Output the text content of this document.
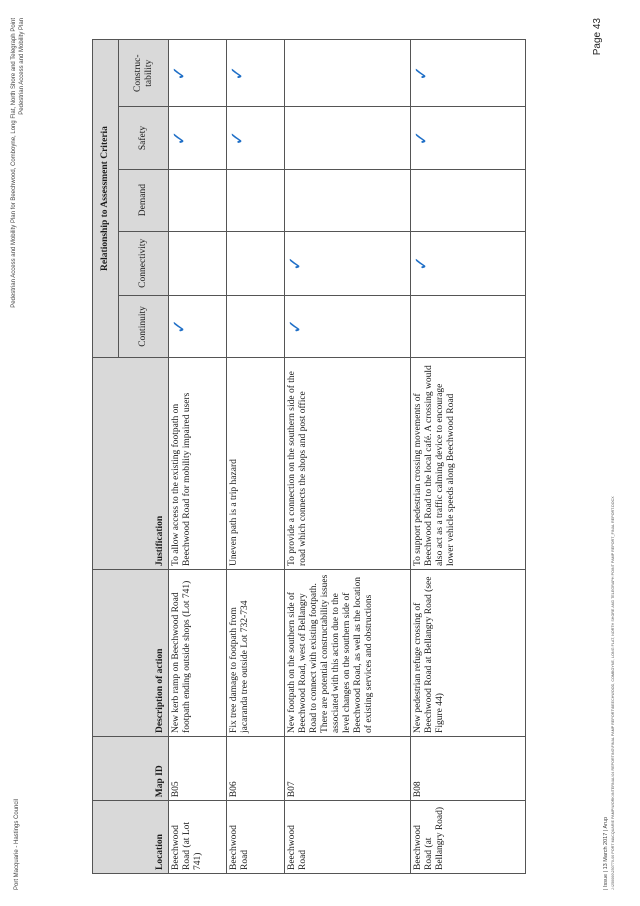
Port Macquarie - Hastings Council
Pedestrian Access and Mobility Plan for Beechwood, Comboyne, Long Flat, North Shore and Telegraph Point Pedestrian Access and Mobility Plan
Location	Map ID	Description of action	Justification	Relationship to Assessment Criteria				
				Continuity	Connectivity	Demand	Safety	Construc-tability
Beechwood Road (at Lot 741)	B05	New kerb ramp on Beechwood Road footpath ending outside shops (Lot 741)	To allow access to the existing footpath on Beechwood Road for mobility impaired users	✓			✓	✓
Beechwood Road	B06	Fix tree damage to footpath from jacaranda tree outside Lot 732-734	Uneven path is a trip hazard				✓	✓
Beechwood Road	B07	New footpath on the southern side of Beechwood Road, west of Bellangry Road to connect with existing footpath. There are potential constructability issues associated with this action due to the level changes on the southern side of Beechwood Road, as well as the location of existing services and obstructions	To provide a connection on the southern side of the road which connects the shops and post office	✓	✓			
Beechwood Road (at Bellangry Road)	B08	New pedestrian refuge crossing of Beechwood Road at Bellangry Road (see Figure 44)	To support pedestrian crossing movements of Beechwood Road to the local café. A crossing would also act as a traffic calming device to encourage lower vehicle speeds along Beechwood Road		✓		✓	✓
| Issue | 13 March 2017 | Arup J:\250000\250770-00 PORT MACQUARIE PAMP\WORK\INTERNAL\04 REPORTING\FINAL PAMP REPORT\BEECHWOOD, COMBOYNE, LONG FLAT, NORTH SHORE AND TELEGRAPH POINT PAMP REPORT_FINAL REPORT.DOCX
Page 43
